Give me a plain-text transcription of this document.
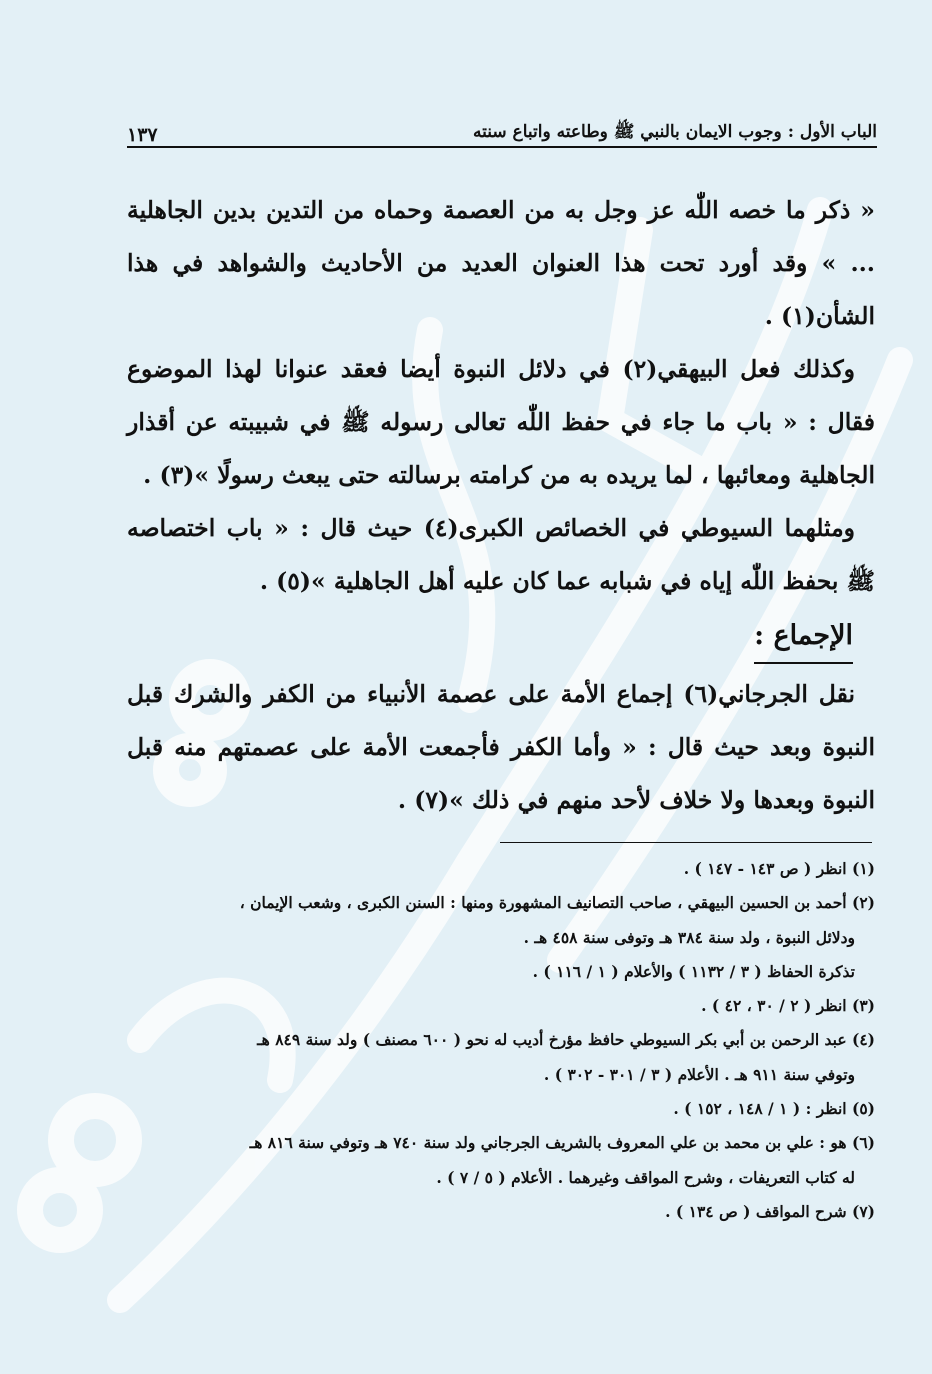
الباب الأول : وجوب الايمان بالنبي ﷺ وطاعته واتباع سنته
١٣٧

« ذكر ما خصه اللّٰه عز وجل به من العصمة وحماه من التدين بدين الجاهلية ... » وقد أورد تحت هذا العنوان العديد من الأحاديث والشواهد في هذا الشأن(١) .

وكذلك فعل البيهقي(٢) في دلائل النبوة أيضا فعقد عنوانا لهذا الموضوع فقال : « باب ما جاء في حفظ اللّٰه تعالى رسوله ﷺ في شبيبته عن أقذار الجاهلية ومعائبها ، لما يريده به من كرامته برسالته حتى يبعث رسولًا »(٣) .

ومثلهما السيوطي في الخصائص الكبرى(٤) حيث قال : « باب اختصاصه ﷺ بحفظ اللّٰه إياه في شبابه عما كان عليه أهل الجاهلية »(٥) .

الإجماع :

نقل الجرجاني(٦) إجماع الأمة على عصمة الأنبياء من الكفر والشرك قبل النبوة وبعد حيث قال : « وأما الكفر فأجمعت الأمة على عصمتهم منه قبل النبوة وبعدها ولا خلاف لأحد منهم في ذلك »(٧) .

(١) انظر ( ص ١٤٣ - ١٤٧ ) .

(٢) أحمد بن الحسين البيهقي ، صاحب التصانيف المشهورة ومنها : السنن الكبرى ، وشعب الإيمان ،

ودلائل النبوة ، ولد سنة ٣٨٤ هـ وتوفى سنة ٤٥٨ هـ .

تذكرة الحفاظ ( ٣ / ١١٣٢ ) والأعلام ( ١ / ١١٦ ) .

(٣) انظر ( ٢ / ٣٠ ، ٤٢ ) .

(٤) عبد الرحمن بن أبي بكر السيوطي حافظ مؤرخ أديب له نحو ( ٦٠٠ مصنف ) ولد سنة ٨٤٩ هـ

وتوفي سنة ٩١١ هـ . الأعلام ( ٣ / ٣٠١ - ٣٠٢ ) .

(٥) انظر : ( ١ / ١٤٨ ، ١٥٢ ) .

(٦) هو : علي بن محمد بن علي المعروف بالشريف الجرجاني ولد سنة ٧٤٠ هـ وتوفي سنة ٨١٦ هـ

له كتاب التعريفات ، وشرح المواقف وغيرهما . الأعلام ( ٥ / ٧ ) .

(٧) شرح المواقف ( ص ١٣٤ ) .
